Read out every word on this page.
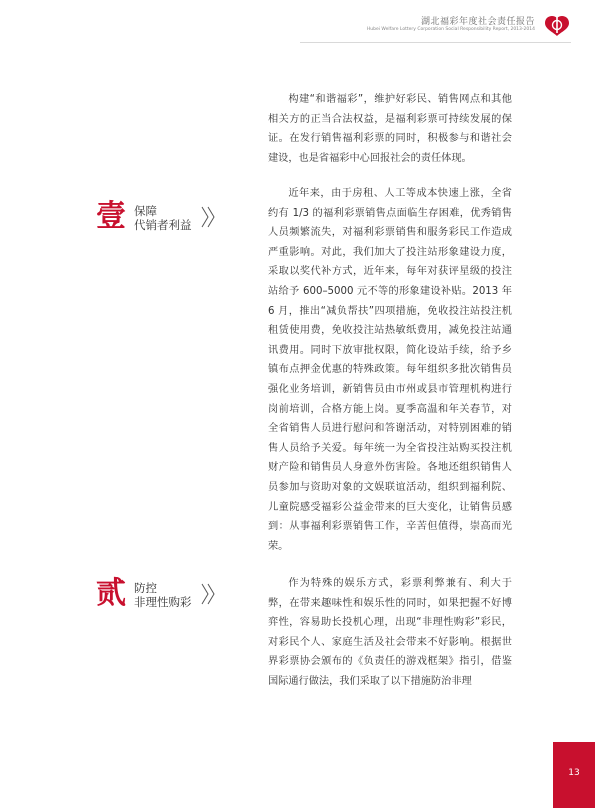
湖北福彩年度社会责任报告
Hubei Welfare Lottery Corporation Social Responsibility Report, 2013-2014

构建“和谐福彩”，维护好彩民、销售网点和其他相关方的正当合法权益，是福利彩票可持续发展的保证。在发行销售福利彩票的同时，积极参与和谐社会建设，也是省福彩中心回报社会的责任体现。

壹 保障
代销者利益

近年来，由于房租、人工等成本快速上涨，全省约有 1/3 的福利彩票销售点面临生存困难，优秀销售人员频繁流失，对福利彩票销售和服务彩民工作造成严重影响。对此，我们加大了投注站形象建设力度，采取以奖代补方式，近年来，每年对获评星级的投注站给予 600–5000 元不等的形象建设补贴。2013 年 6 月，推出“减负帮扶”四项措施，免收投注站投注机租赁使用费，免收投注站热敏纸费用，减免投注站通讯费用。同时下放审批权限，简化设站手续，给予乡镇布点押金优惠的特殊政策。每年组织多批次销售员强化业务培训，新销售员由市州或县市管理机构进行岗前培训，合格方能上岗。夏季高温和年关春节，对全省销售人员进行慰问和答谢活动，对特别困难的销售人员给予关爱。每年统一为全省投注站购买投注机财产险和销售员人身意外伤害险。各地还组织销售人员参加与资助对象的文娱联谊活动，组织到福利院、儿童院感受福彩公益金带来的巨大变化，让销售员感到：从事福利彩票销售工作，辛苦但值得，崇高而光荣。

贰 防控
非理性购彩

作为特殊的娱乐方式，彩票利弊兼有、利大于弊，在带来趣味性和娱乐性的同时，如果把握不好博弈性，容易助长投机心理，出现“非理性购彩”彩民，对彩民个人、家庭生活及社会带来不好影响。根据世界彩票协会颁布的《负责任的游戏框架》指引，借鉴国际通行做法，我们采取了以下措施防治非理

13
